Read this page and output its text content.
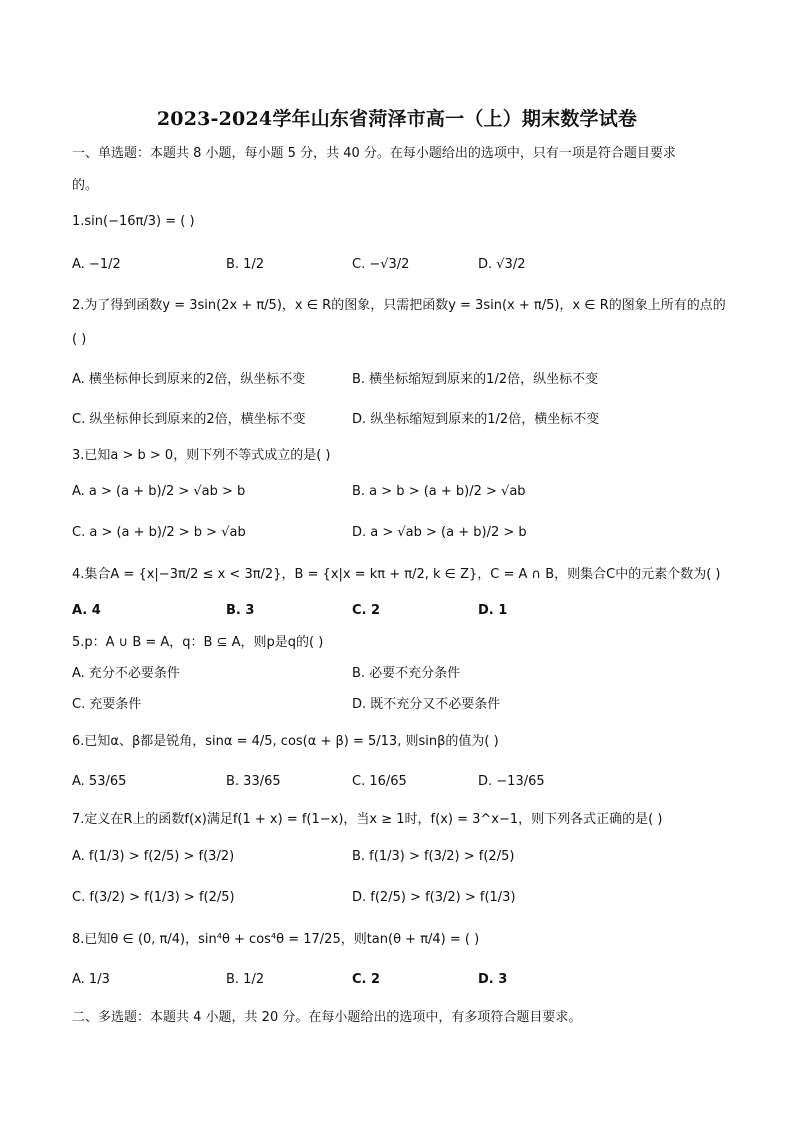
2023-2024学年山东省菏泽市高一（上）期末数学试卷
一、单选题：本题共 8 小题，每小题 5 分，共 40 分。在每小题给出的选项中，只有一项是符合题目要求
的。
1.sin(−16π/3) = ( )
A. −1/2	B. 1/2	C. −√3/2	D. √3/2
2.为了得到函数y = 3sin(2x + π/5)，x ∈ R的图象，只需把函数y = 3sin(x + π/5)，x ∈ R的图象上所有的点的
( )
A. 横坐标伸长到原来的2倍，纵坐标不变	B. 横坐标缩短到原来的1/2倍，纵坐标不变
C. 纵坐标伸长到原来的2倍，横坐标不变	D. 纵坐标缩短到原来的1/2倍，横坐标不变
3.已知a > b > 0，则下列不等式成立的是( )
A. a > (a + b)/2 > √ab > b	B. a > b > (a + b)/2 > √ab
C. a > (a + b)/2 > b > √ab	D. a > √ab > (a + b)/2 > b
4.集合A = {x|−3π/2 ≤ x < 3π/2}，B = {x|x = kπ + π/2, k ∈ Z}，C = A ∩ B，则集合C中的元素个数为( )
A. 4	B. 3	C. 2	D. 1
5.p：A ∪ B = A，q：B ⊆ A，则p是q的( )
A. 充分不必要条件	B. 必要不充分条件
C. 充要条件	D. 既不充分又不必要条件
6.已知α、β都是锐角，sinα = 4/5, cos(α + β) = 5/13, 则sinβ的值为( )
A. 53/65	B. 33/65	C. 16/65	D. −13/65
7.定义在R上的函数f(x)满足f(1 + x) = f(1−x)，当x ≥ 1时，f(x) = 3^x−1，则下列各式正确的是( )
A. f(1/3) > f(2/5) > f(3/2)	B. f(1/3) > f(3/2) > f(2/5)
C. f(3/2) > f(1/3) > f(2/5)	D. f(2/5) > f(3/2) > f(1/3)
8.已知θ ∈ (0, π/4)，sin⁴θ + cos⁴θ = 17/25，则tan(θ + π/4) = ( )
A. 1/3	B. 1/2	C. 2	D. 3
二、多选题：本题共 4 小题，共 20 分。在每小题给出的选项中，有多项符合题目要求。
